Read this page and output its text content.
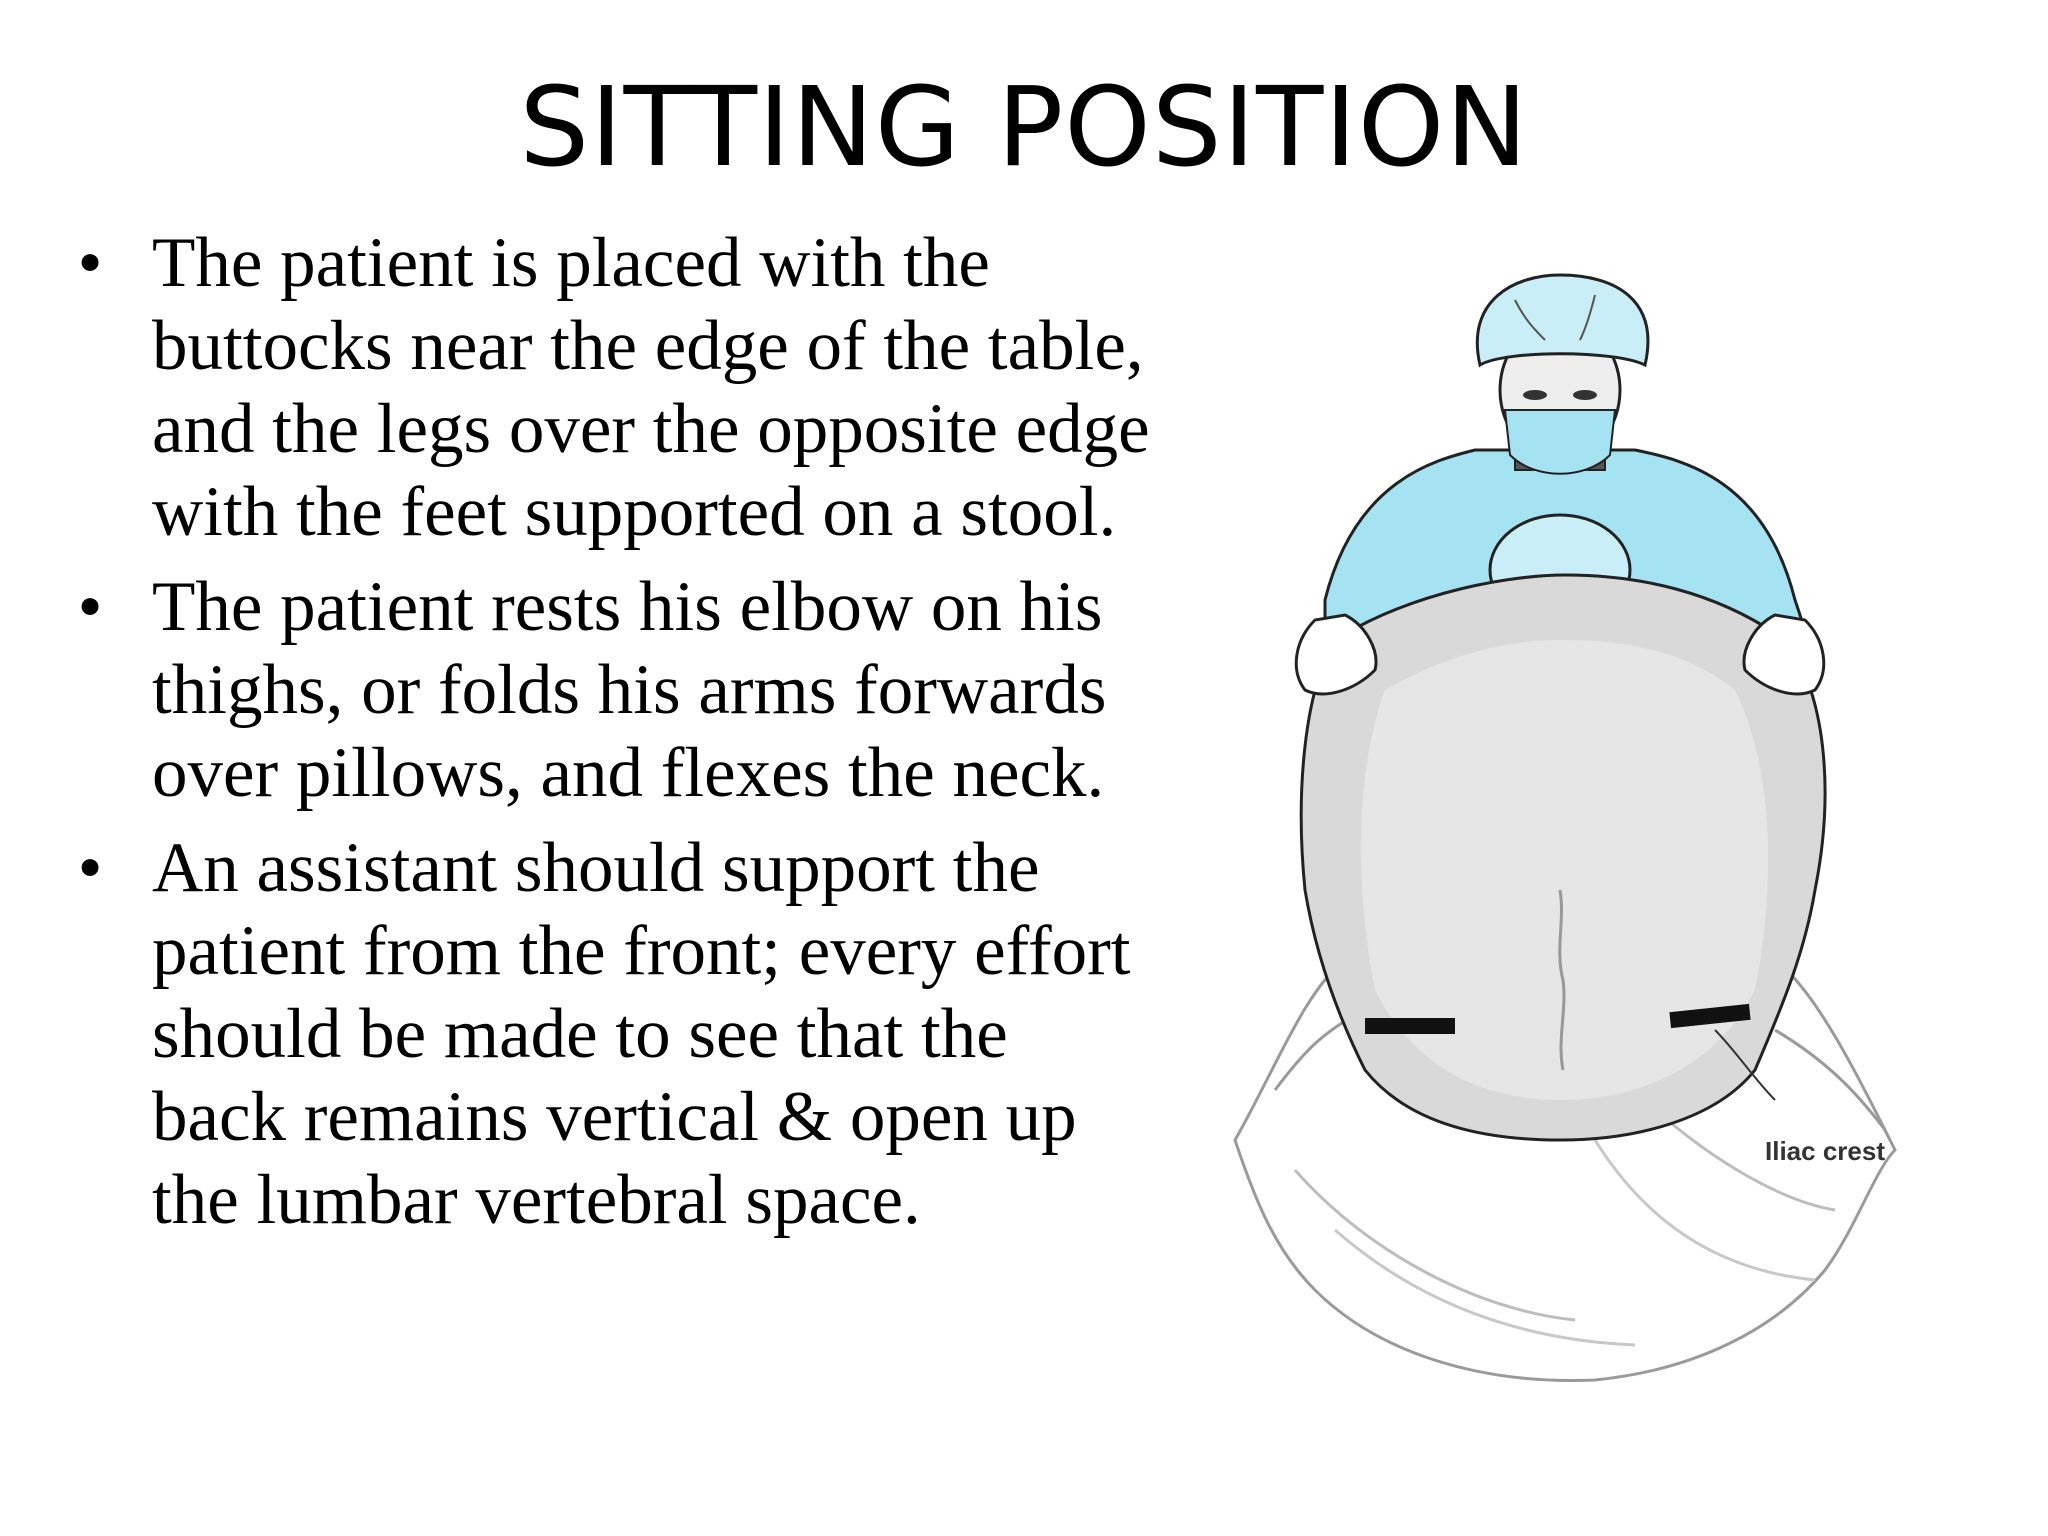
SITTING POSITION
• The patient is placed with the buttocks near the edge of the table, and the legs over the opposite edge with the feet supported on a stool.
• The patient rests his elbow on his thighs, or folds his arms forwards over pillows, and flexes the neck.
• An assistant should support the patient from the front; every effort should be made to see that the back remains vertical & open up the lumbar vertebral space.
Iliac crest
